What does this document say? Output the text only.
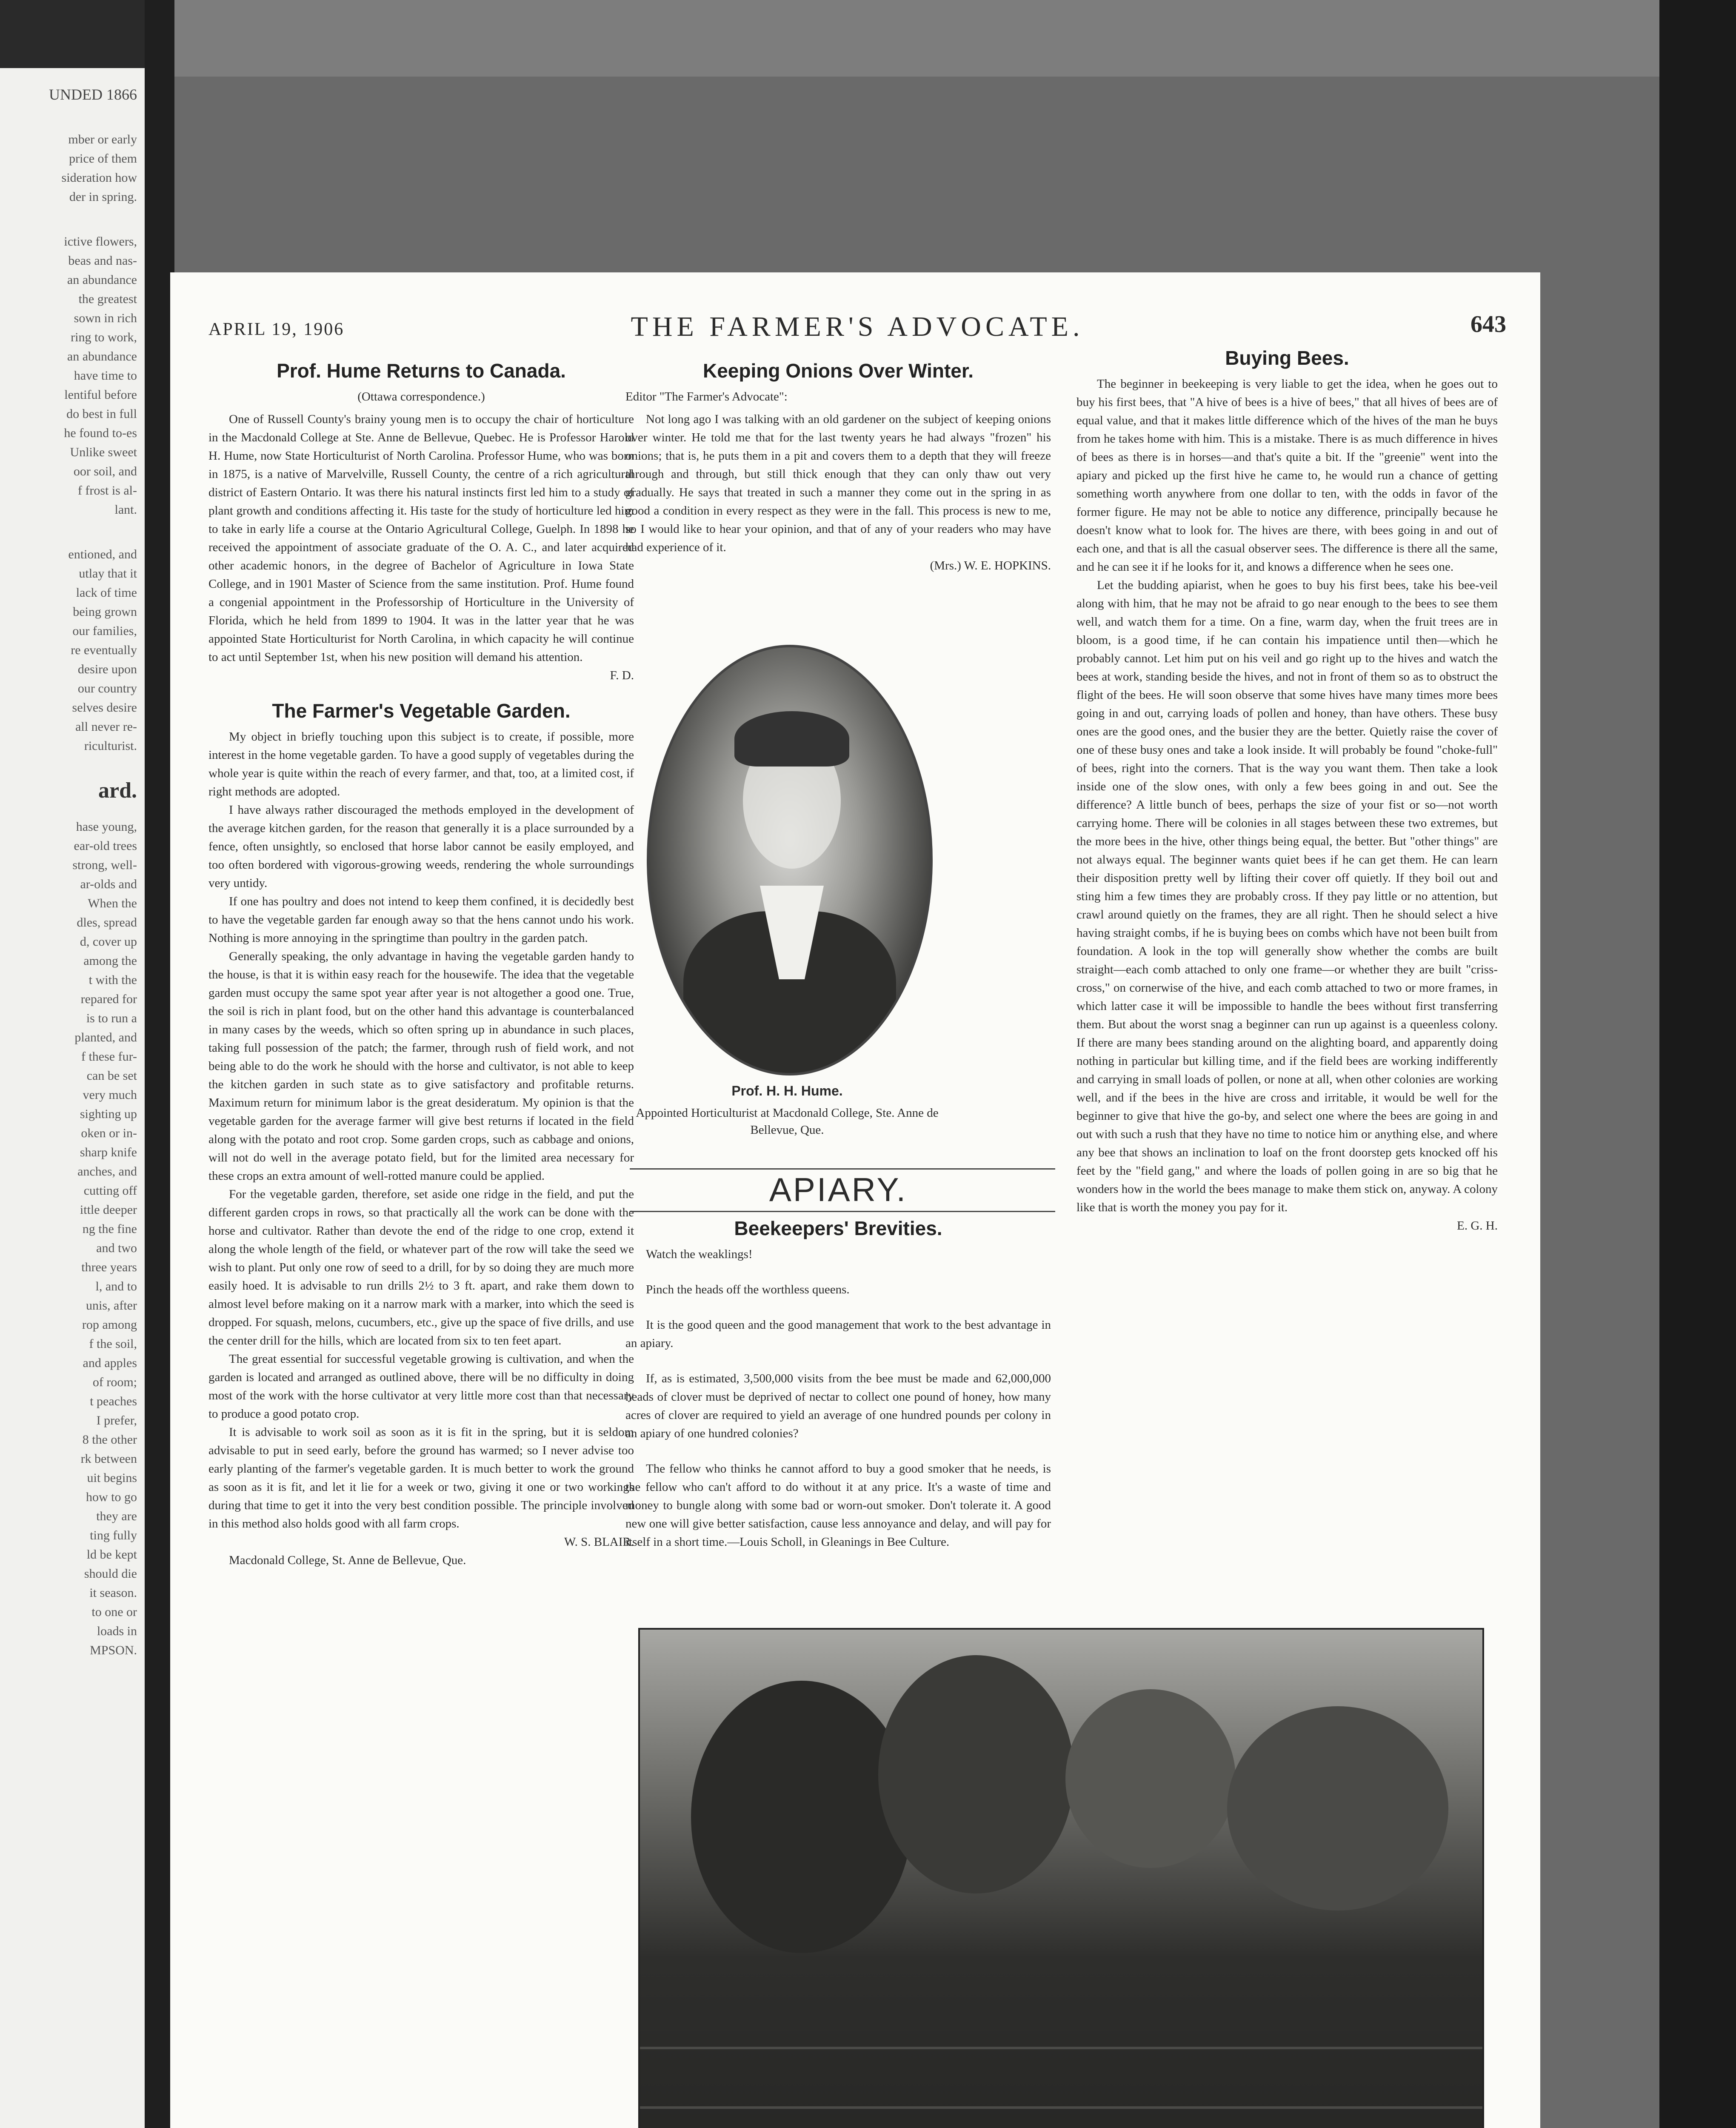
UNDED 1866
mber or early
price of them
sideration how
der in spring.
ictive flowers,
beas and nas-
an abundance
the greatest
sown in rich
ring to work,
an abundance
have time to
lentiful before
do best in full
he found to-es
Unlike sweet
oor soil, and
f frost is al-
lant.
entioned, and
utlay that it
lack of time
being grown
our families,
re eventually
desire upon
our country
selves desire
all never re-
riculturist.
ard.
hase young,
ear-old trees
strong, well-
ar-olds and
When the
dles, spread
d, cover up
among the
t with the
repared for
is to run a
planted, and
f these fur-
can be set
very much
sighting up
oken or in-
sharp knife
anches, and
cutting off
ittle deeper
ng the fine
and two
three years
l, and to
unis, after
rop among
f the soil,
and apples
of room;
t peaches
I prefer,
8 the other
rk between
uit begins
how to go
they are
ting fully
ld be kept
should die
it season.
to one or
loads in
MPSON.
APRIL 19, 1906	THE FARMER'S ADVOCATE.	643
Prof. Hume Returns to Canada.

(Ottawa correspondence.)

One of Russell County's brainy young men is to occupy the chair of horticulture in the Macdonald College at Ste. Anne de Bellevue, Quebec. He is Professor Harold H. Hume, now State Horticulturist of North Carolina. Professor Hume, who was born in 1875, is a native of Marvelville, Russell County, the centre of a rich agricultural district of Eastern Ontario. It was there his natural instincts first led him to a study of plant growth and conditions affecting it. His taste for the study of horticulture led him to take in early life a course at the Ontario Agricultural College, Guelph. In 1898 he received the appointment of associate graduate of the O. A. C., and later acquired other academic honors, in the degree of Bachelor of Agriculture in Iowa State College, and in 1901 Master of Science from the same institution. Prof. Hume found a congenial appointment in the Professorship of Horticulture in the University of Florida, which he held from 1899 to 1904. It was in the latter year that he was appointed State Horticulturist for North Carolina, in which capacity he will continue to act until September 1st, when his new position will demand his attention.

F. D.

The Farmer's Vegetable Garden.

My object in briefly touching upon this subject is to create, if possible, more interest in the home vegetable garden. To have a good supply of vegetables during the whole year is quite within the reach of every farmer, and that, too, at a limited cost, if right methods are adopted.

I have always rather discouraged the methods employed in the development of the average kitchen garden, for the reason that generally it is a place surrounded by a fence, often unsightly, so enclosed that horse labor cannot be easily employed, and too often bordered with vigorous-growing weeds, rendering the whole surroundings very untidy.

If one has poultry and does not intend to keep them confined, it is decidedly best to have the vegetable garden far enough away so that the hens cannot undo his work. Nothing is more annoying in the springtime than poultry in the garden patch.

Generally speaking, the only advantage in having the vegetable garden handy to the house, is that it is within easy reach for the housewife. The idea that the vegetable garden must occupy the same spot year after year is not altogether a good one. True, the soil is rich in plant food, but on the other hand this advantage is counterbalanced in many cases by the weeds, which so often spring up in abundance in such places, taking full possession of the patch; the farmer, through rush of field work, and not being able to do the work he should with the horse and cultivator, is not able to keep the kitchen garden in such state as to give satisfactory and profitable returns. Maximum return for minimum labor is the great desideratum. My opinion is that the vegetable garden for the average farmer will give best returns if located in the field along with the potato and root crop. Some garden crops, such as cabbage and onions, will not do well in the average potato field, but for the limited area necessary for these crops an extra amount of well-rotted manure could be applied.

For the vegetable garden, therefore, set aside one ridge in the field, and put the different garden crops in rows, so that practically all the work can be done with the horse and cultivator. Rather than devote the end of the ridge to one crop, extend it along the whole length of the field, or whatever part of the row will take the seed we wish to plant. Put only one row of seed to a drill, for by so doing they are much more easily hoed. It is advisable to run drills 2½ to 3 ft. apart, and rake them down to almost level before making on it a narrow mark with a marker, into which the seed is dropped. For squash, melons, cucumbers, etc., give up the space of five drills, and use the center drill for the hills, which are located from six to ten feet apart.

The great essential for successful vegetable growing is cultivation, and when the garden is located and arranged as outlined above, there will be no difficulty in doing most of the work with the horse cultivator at very little more cost than that necessary to produce a good potato crop.

It is advisable to work soil as soon as it is fit in the spring, but it is seldom advisable to put in seed early, before the ground has warmed; so I never advise too early planting of the farmer's vegetable garden. It is much better to work the ground as soon as it is fit, and let it lie for a week or two, giving it one or two workings during that time to get it into the very best condition possible. The principle involved in this method also holds good with all farm crops.

W. S. BLAIR.

Macdonald College, St. Anne de Bellevue, Que.

Keeping Onions Over Winter.

Editor "The Farmer's Advocate":

Not long ago I was talking with an old gardener on the subject of keeping onions over winter. He told me that for the last twenty years he had always "frozen" his onions; that is, he puts them in a pit and covers them to a depth that they will freeze through and through, but still thick enough that they can only thaw out very gradually. He says that treated in such a manner they come out in the spring in as good a condition in every respect as they were in the fall. This process is new to me, so I would like to hear your opinion, and that of any of your readers who may have had experience of it.

(Mrs.) W. E. HOPKINS.

Prof. H. H. Hume.
Appointed Horticulturist at Macdonald College, Ste. Anne de Bellevue, Que.
APIARY.
Beekeepers' Brevities.

Watch the weaklings!

Pinch the heads off the worthless queens.

It is the good queen and the good management that work to the best advantage in an apiary.

If, as is estimated, 3,500,000 visits from the bee must be made and 62,000,000 heads of clover must be deprived of nectar to collect one pound of honey, how many acres of clover are required to yield an average of one hundred pounds per colony in an apiary of one hundred colonies?

The fellow who thinks he cannot afford to buy a good smoker that he needs, is the fellow who can't afford to do without it at any price. It's a waste of time and money to bungle along with some bad or worn-out smoker. Don't tolerate it. A good new one will give better satisfaction, cause less annoyance and delay, and will pay for itself in a short time.—Louis Scholl, in Gleanings in Bee Culture.

Buying Bees.

The beginner in beekeeping is very liable to get the idea, when he goes out to buy his first bees, that "A hive of bees is a hive of bees," that all hives of bees are of equal value, and that it makes little difference which of the hives of the man he buys from he takes home with him. This is a mistake. There is as much difference in hives of bees as there is in horses—and that's quite a bit. If the "greenie" went into the apiary and picked up the first hive he came to, he would run a chance of getting something worth anywhere from one dollar to ten, with the odds in favor of the former figure. He may not be able to notice any difference, principally because he doesn't know what to look for. The hives are there, with bees going in and out of each one, and that is all the casual observer sees. The difference is there all the same, and he can see it if he looks for it, and knows a difference when he sees one.

Let the budding apiarist, when he goes to buy his first bees, take his bee-veil along with him, that he may not be afraid to go near enough to the bees to see them well, and watch them for a time. On a fine, warm day, when the fruit trees are in bloom, is a good time, if he can contain his impatience until then—which he probably cannot. Let him put on his veil and go right up to the hives and watch the bees at work, standing beside the hives, and not in front of them so as to obstruct the flight of the bees. He will soon observe that some hives have many times more bees going in and out, carrying loads of pollen and honey, than have others. These busy ones are the good ones, and the busier they are the better. Quietly raise the cover of one of these busy ones and take a look inside. It will probably be found "choke-full" of bees, right into the corners. That is the way you want them. Then take a look inside one of the slow ones, with only a few bees going in and out. See the difference? A little bunch of bees, perhaps the size of your fist or so—not worth carrying home. There will be colonies in all stages between these two extremes, but the more bees in the hive, other things being equal, the better. But "other things" are not always equal. The beginner wants quiet bees if he can get them. He can learn their disposition pretty well by lifting their cover off quietly. If they boil out and sting him a few times they are probably cross. If they pay little or no attention, but crawl around quietly on the frames, they are all right. Then he should select a hive having straight combs, if he is buying bees on combs which have not been built from foundation. A look in the top will generally show whether the combs are built straight—each comb attached to only one frame—or whether they are built "criss-cross," on cornerwise of the hive, and each comb attached to two or more frames, in which latter case it will be impossible to handle the bees without first transferring them. But about the worst snag a beginner can run up against is a queenless colony. If there are many bees standing around on the alighting board, and apparently doing nothing in particular but killing time, and if the field bees are working indifferently and carrying in small loads of pollen, or none at all, when other colonies are working well, and if the bees in the hive are cross and irritable, it would be well for the beginner to give that hive the go-by, and select one where the bees are going in and out with such a rush that they have no time to notice him or anything else, and where any bee that shows an inclination to loaf on the front doorstep gets knocked off his feet by the "field gang," and where the loads of pollen going in are so big that he wonders how in the world the bees manage to make them stick on, anyway. A colony like that is worth the money you pay for it.

E. G. H.
